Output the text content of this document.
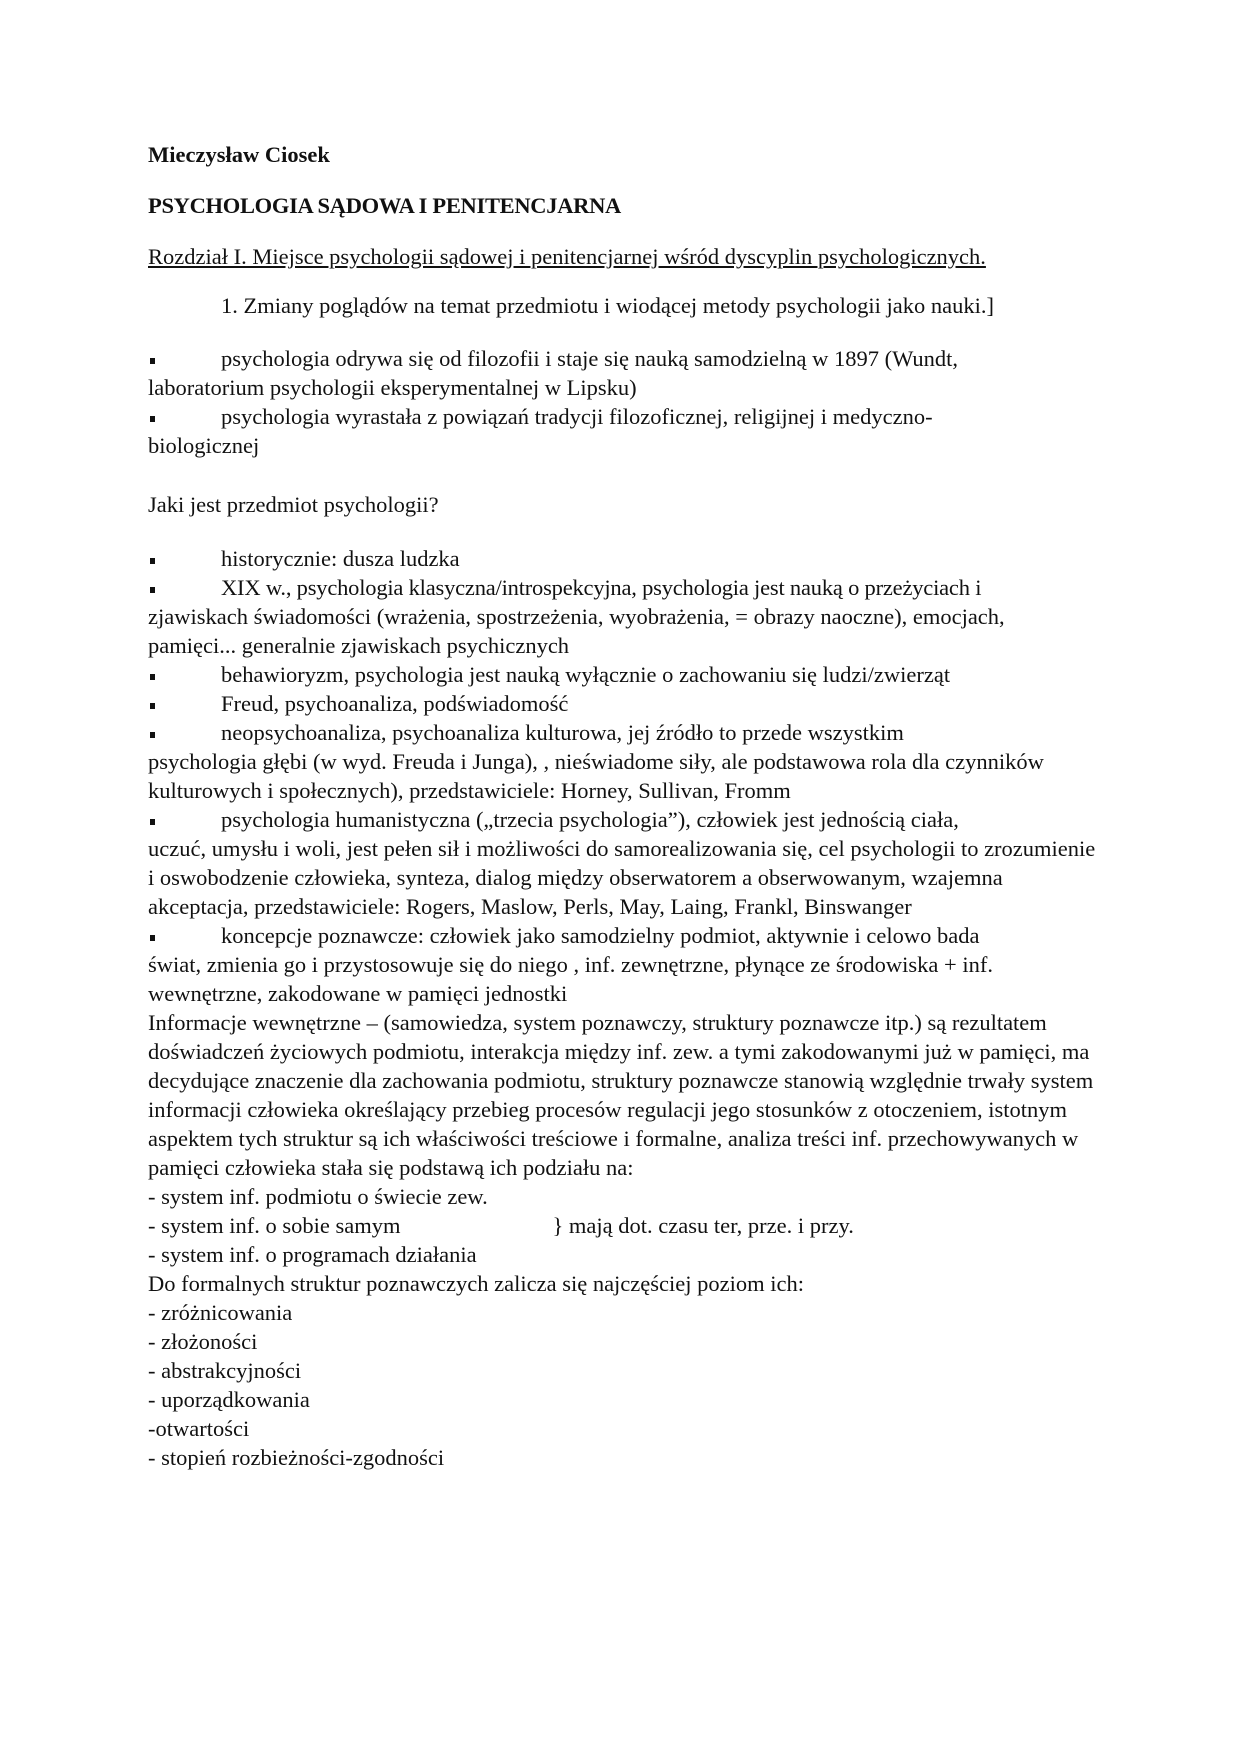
Mieczysław Ciosek

PSYCHOLOGIA SĄDOWA I PENITENCJARNA

Rozdział I. Miejsce psychologii sądowej i penitencjarnej wśród dyscyplin psychologicznych.

1. Zmiany poglądów na temat przedmiotu i wiodącej metody psychologii jako nauki.]

psychologia odrywa się od filozofii i staje się nauką samodzielną w 1897 (Wundt,
laboratorium psychologii eksperymentalnej w Lipsku)

psychologia wyrastała z powiązań tradycji filozoficznej, religijnej i medyczno-
biologicznej

Jaki jest przedmiot psychologii?

historycznie: dusza ludzka

XIX w., psychologia klasyczna/introspekcyjna, psychologia jest nauką o przeżyciach i
zjawiskach świadomości (wrażenia, spostrzeżenia, wyobrażenia, = obrazy naoczne), emocjach, pamięci... generalnie zjawiskach psychicznych

behawioryzm, psychologia jest nauką wyłącznie o zachowaniu się ludzi/zwierząt

Freud, psychoanaliza, podświadomość

neopsychoanaliza, psychoanaliza kulturowa, jej źródło to przede wszystkim
psychologia głębi (w wyd. Freuda i Junga), , nieświadome siły, ale podstawowa rola dla czynników kulturowych i społecznych), przedstawiciele: Horney, Sullivan, Fromm

psychologia humanistyczna („trzecia psychologia”), człowiek jest jednością ciała,
uczuć, umysłu i woli, jest pełen sił i możliwości do samorealizowania się, cel psychologii to zrozumienie i oswobodzenie człowieka, synteza, dialog między obserwatorem a obserwowanym, wzajemna akceptacja, przedstawiciele: Rogers, Maslow, Perls, May, Laing, Frankl, Binswanger

koncepcje poznawcze: człowiek jako samodzielny podmiot, aktywnie i celowo bada
świat, zmienia go i przystosowuje się do niego , inf. zewnętrzne, płynące ze środowiska + inf. wewnętrzne, zakodowane w pamięci jednostki

Informacje wewnętrzne – (samowiedza, system poznawczy, struktury poznawcze itp.) są rezultatem doświadczeń życiowych podmiotu, interakcja między inf. zew. a tymi zakodowanymi już w pamięci, ma decydujące znaczenie dla zachowania podmiotu, struktury poznawcze stanowią względnie trwały system informacji człowieka określający przebieg procesów regulacji jego stosunków z otoczeniem, istotnym aspektem tych struktur są ich właściwości treściowe i formalne, analiza treści inf. przechowywanych w pamięci człowieka stała się podstawą ich podziału na:

- system inf. podmiotu o świecie zew.

- system inf. o sobie samym	} mają dot. czasu ter, prze. i przy.

- system inf. o programach działania

Do formalnych struktur poznawczych zalicza się najczęściej poziom ich:

- zróżnicowania

- złożoności

- abstrakcyjności

- uporządkowania

-otwartości

- stopień rozbieżności-zgodności
